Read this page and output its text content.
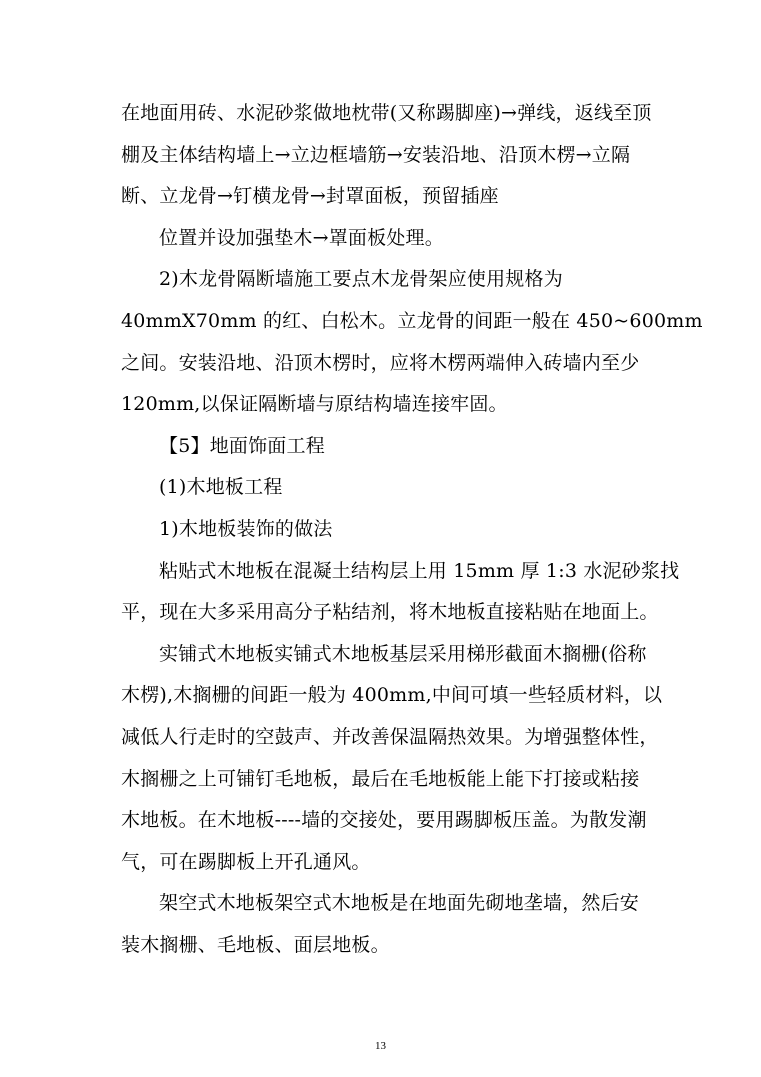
在地面用砖、水泥砂浆做地枕带(又称踢脚座)→弹线，返线至顶
棚及主体结构墙上→立边框墙筋→安装沿地、沿顶木楞→立隔
断、立龙骨→钉横龙骨→封罩面板，预留插座
位置并设加强垫木→罩面板处理。
2)木龙骨隔断墙施工要点木龙骨架应使用规格为
40mmX70mm 的红、白松木。立龙骨的间距一般在 450~600mm
之间。安装沿地、沿顶木楞时，应将木楞两端伸入砖墙内至少
120mm,以保证隔断墙与原结构墙连接牢固。
【5】地面饰面工程
(1)木地板工程
1)木地板装饰的做法
粘贴式木地板在混凝土结构层上用 15mm 厚 1:3 水泥砂浆找
平，现在大多采用高分子粘结剂，将木地板直接粘贴在地面上。
实铺式木地板实铺式木地板基层采用梯形截面木搁栅(俗称
木楞),木搁栅的间距一般为 400mm,中间可填一些轻质材料，以
减低人行走时的空鼓声、并改善保温隔热效果。为增强整体性，
木搁栅之上可铺钉毛地板，最后在毛地板能上能下打接或粘接
木地板。在木地板----墙的交接处，要用踢脚板压盖。为散发潮
气，可在踢脚板上开孔通风。
架空式木地板架空式木地板是在地面先砌地垄墙，然后安
装木搁栅、毛地板、面层地板。
13
